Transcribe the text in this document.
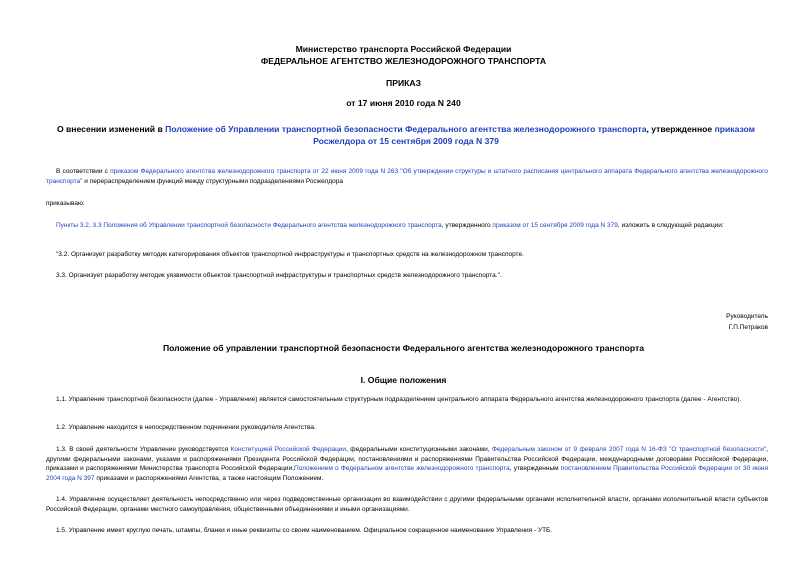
Министерство транспорта Российской Федерации
ФЕДЕРАЛЬНОЕ АГЕНТСТВО ЖЕЛЕЗНОДОРОЖНОГО ТРАНСПОРТА
ПРИКАЗ
от 17 июня 2010 года N 240
О внесении изменений в Положение об Управлении транспортной безопасности Федерального агентства железнодорожного транспорта, утвержденное приказом Росжелдора от 15 сентября 2009 года N 379
В соответствии с приказом Федерального агентства железнодорожного транспорта от 22 июня 2009 года N 263 "Об утверждении структуры и штатного расписания центрального аппарата Федерального агентства железнодорожного транспорта" и перераспределением функций между структурными подразделениями Росжелдора
приказываю:
Пункты 3.2, 3.3 Положения об Управлении транспортной безопасности Федерального агентства железнодорожного транспорта, утвержденного приказом от 15 сентября 2009 года N 379, изложить в следующей редакции:
"3.2. Организует разработку методик категорирования объектов транспортной инфраструктуры и транспортных средств на железнодорожном транспорте.
3.3. Организует разработку методик уязвимости объектов транспортной инфраструктуры и транспортных средств железнодорожного транспорта.".
Руководитель
Г.П.Петраков
Положение об управлении транспортной безопасности Федерального агентства железнодорожного транспорта
I. Общие положения
1.1. Управление транспортной безопасности (далее - Управление) является самостоятельным структурным подразделением центрального аппарата Федерального агентства железнодорожного транспорта (далее - Агентство).
1.2. Управление находится в непосредственном подчинении руководителя Агентства.
1.3. В своей деятельности Управление руководствуется Конституцией Российской Федерации, федеральными конституционными законами, Федеральным законом от 9 февраля 2007 года N 16-ФЗ "О транспортной безопасности", другими федеральными законами, указами и распоряжениями Президента Российской Федерации, постановлениями и распоряжениями Правительства Российской Федерации, международными договорами Российской Федерации, приказами и распоряжениями Министерства транспорта Российской Федерации,Положением о Федеральном агентстве железнодорожного транспорта, утвержденным постановлением Правительства Российской Федерации от 30 июня 2004 года N 397 приказами и распоряжениями Агентства, а также настоящим Положением.
1.4. Управление осуществляет деятельность непосредственно или через подведомственные организации во взаимодействии с другими федеральными органами исполнительной власти, органами исполнительной власти субъектов Российской Федерации, органами местного самоуправления, общественными объединениями и иными организациями.
1.5. Управление имеет круглую печать, штампы, бланки и иные реквизиты со своим наименованием. Официальное сокращенное наименование Управления - УТБ.
